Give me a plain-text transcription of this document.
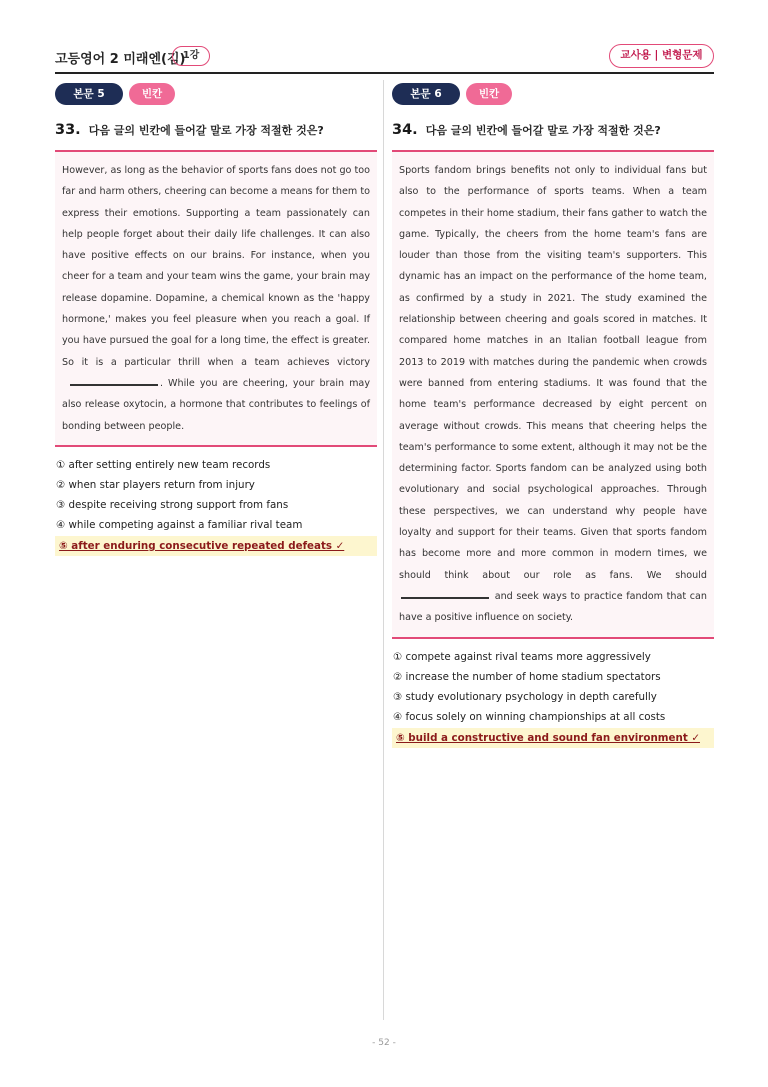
고등영어 2 미래엔(김)
1강	교사용 | 변형문제
본문 5	빈칸
33. 다음 글의 빈칸에 들어갈 말로 가장 적절한 것은?
However, as long as the behavior of sports fans does not go too far and harm others, cheering can become a means for them to express their emotions. Supporting a team passionately can help people forget about their daily life challenges. It can also have positive effects on our brains. For instance, when you cheer for a team and your team wins the game, your brain may release dopamine. Dopamine, a chemical known as the 'happy hormone,' makes you feel pleasure when you reach a goal. If you have pursued the goal for a long time, the effect is greater. So it is a particular thrill when a team achieves victory . While you are cheering, your brain may also release oxytocin, a hormone that contributes to feelings of bonding between people.
① after setting entirely new team records
② when star players return from injury
③ despite receiving strong support from fans
④ while competing against a familiar rival team
⑤ after enduring consecutive repeated defeats ✓
본문 6	빈칸
34. 다음 글의 빈칸에 들어갈 말로 가장 적절한 것은?
Sports fandom brings benefits not only to individual fans but also to the performance of sports teams. When a team competes in their home stadium, their fans gather to watch the game. Typically, the cheers from the home team's fans are louder than those from the visiting team's supporters. This dynamic has an impact on the performance of the home team, as confirmed by a study in 2021. The study examined the relationship between cheering and goals scored in matches. It compared home matches in an Italian football league from 2013 to 2019 with matches during the pandemic when crowds were banned from entering stadiums. It was found that the home team's performance decreased by eight percent on average without crowds. This means that cheering helps the team's performance to some extent, although it may not be the determining factor. Sports fandom can be analyzed using both evolutionary and social psychological approaches. Through these perspectives, we can understand why people have loyalty and support for their teams. Given that sports fandom has become more and more common in modern times, we should think about our role as fans. We should  and seek ways to practice fandom that can have a positive influence on society.
① compete against rival teams more aggressively
② increase the number of home stadium spectators
③ study evolutionary psychology in depth carefully
④ focus solely on winning championships at all costs
⑤ build a constructive and sound fan environment ✓
- 52 -
